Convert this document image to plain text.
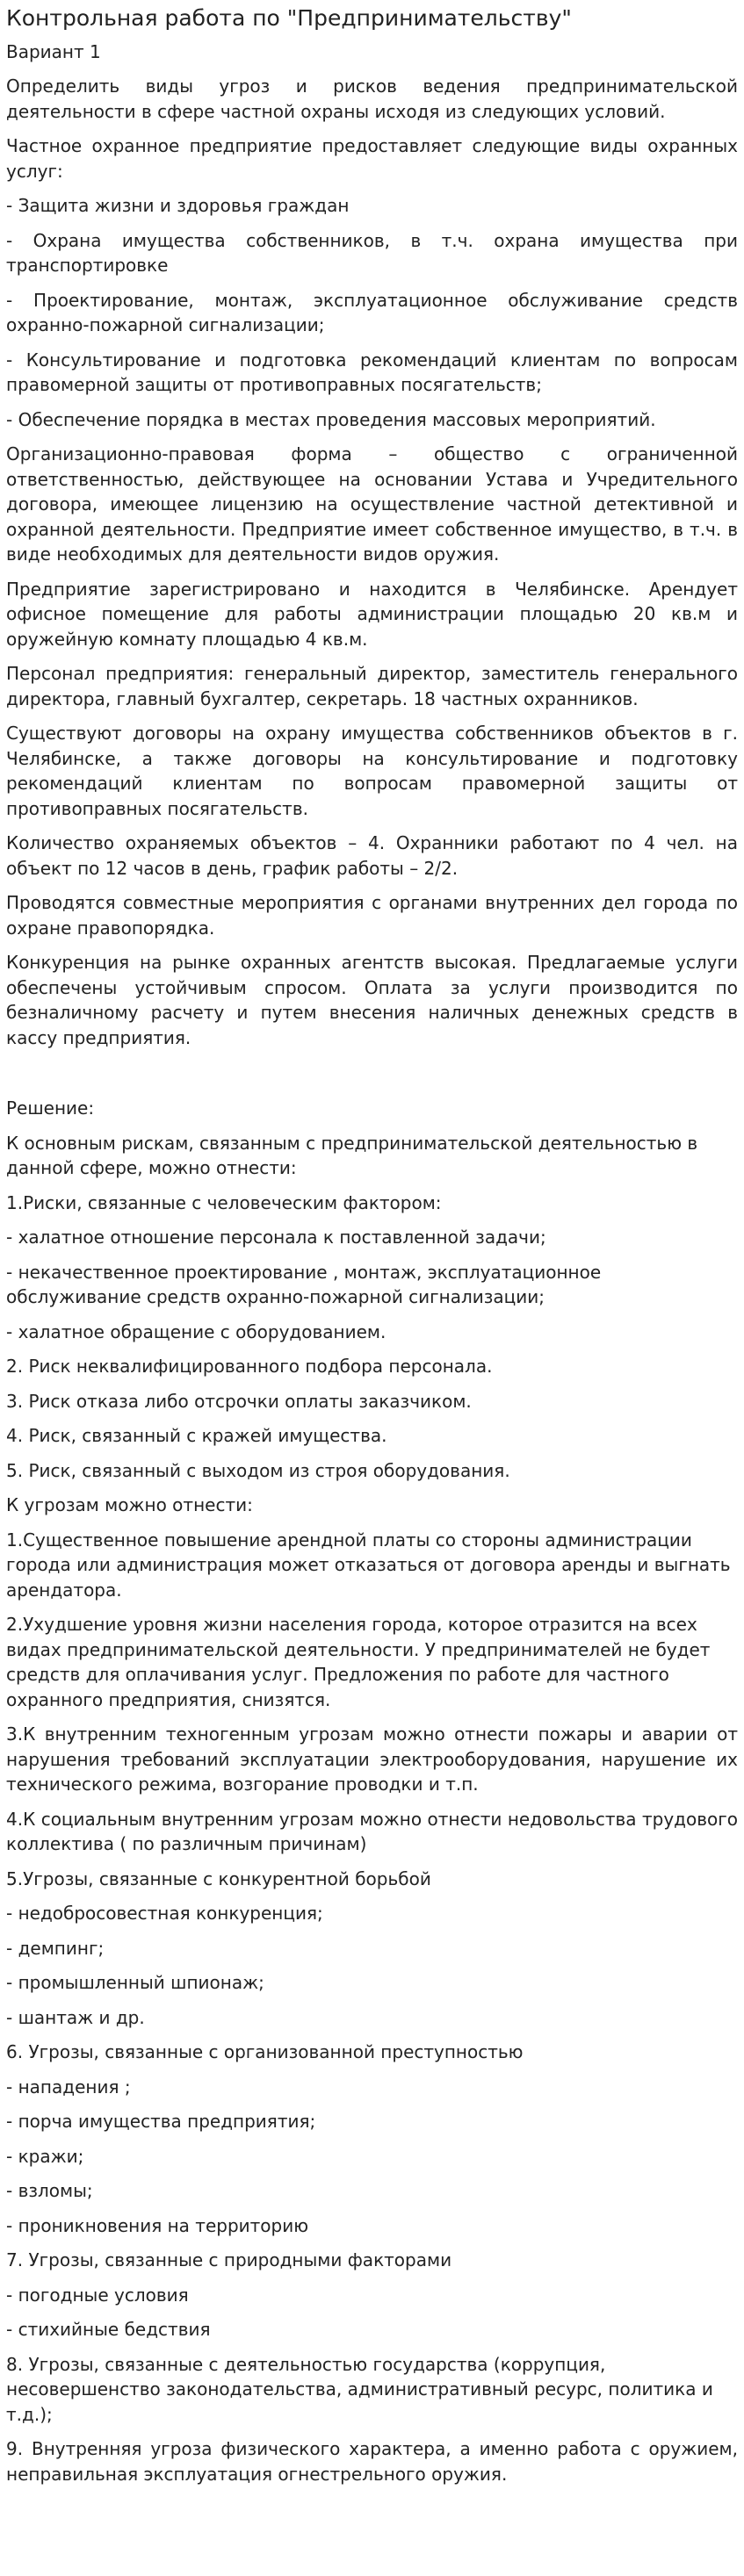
Контрольная работа по "Предпринимательству"
Вариант 1

Определить виды угроз и рисков ведения предпринимательской деятельности в сфере частной охраны исходя из следующих условий.

Частное охранное предприятие предоставляет следующие виды охранных услуг:

- Защита жизни и здоровья граждан

- Охрана имущества собственников, в т.ч. охрана имущества при транспортировке

- Проектирование, монтаж, эксплуатационное обслуживание средств охранно-пожарной сигнализации;

- Консультирование и подготовка рекомендаций клиентам по вопросам правомерной защиты от противоправных посягательств;

- Обеспечение порядка в местах проведения массовых мероприятий.

Организационно-правовая форма – общество с ограниченной ответственностью, действующее на основании Устава и Учредительного договора, имеющее лицензию на осуществление частной детективной и охранной деятельности. Предприятие имеет собственное имущество, в т.ч. в виде необходимых для деятельности видов оружия.

Предприятие зарегистрировано и находится в Челябинске. Арендует офисное помещение для работы администрации площадью 20 кв.м и оружейную комнату площадью 4 кв.м.

Персонал предприятия: генеральный директор, заместитель генерального директора, главный бухгалтер, секретарь. 18 частных охранников.

Существуют договоры на охрану имущества собственников объектов в г. Челябинске, а также договоры на консультирование и подготовку рекомендаций клиентам по вопросам правомерной защиты от противоправных посягательств.

Количество охраняемых объектов – 4. Охранники работают по 4 чел. на объект по 12 часов в день, график работы – 2/2.

Проводятся совместные мероприятия с органами внутренних дел города по охране правопорядка.

Конкуренция на рынке охранных агентств высокая. Предлагаемые услуги обеспечены устойчивым спросом. Оплата за услуги производится по безналичному расчету и путем внесения наличных денежных средств в кассу предприятия.

Решение:

К основным рискам, связанным с предпринимательской деятельностью в данной сфере, можно отнести:

1.Риски, связанные с человеческим фактором:

- халатное отношение персонала к поставленной задачи;

- некачественное проектирование , монтаж, эксплуатационное обслуживание средств охранно-пожарной сигнализации;

- халатное обращение с оборудованием.

2. Риск неквалифицированного подбора персонала.

3. Риск отказа либо отсрочки оплаты заказчиком.

4. Риск, связанный с кражей имущества.

5. Риск, связанный с выходом из строя оборудования.

К угрозам можно отнести:

1.Существенное повышение арендной платы со стороны администрации города или администрация может отказаться от договора аренды и выгнать арендатора.

2.Ухудшение уровня жизни населения города, которое отразится на всех видах предпринимательской деятельности. У предпринимателей не будет средств для оплачивания услуг. Предложения по работе для частного охранного предприятия, снизятся.

3.К внутренним техногенным угрозам можно отнести пожары и аварии от нарушения требований эксплуатации электрооборудования, нарушение их технического режима, возгорание проводки и т.п.

4.К социальным внутренним угрозам можно отнести недовольства трудового коллектива ( по различным причинам)

5.Угрозы, связанные с конкурентной борьбой

- недобросовестная конкуренция;

- демпинг;

- промышленный шпионаж;

- шантаж и др.

6. Угрозы, связанные с организованной преступностью

- нападения ;

- порча имущества предприятия;

- кражи;

- взломы;

- проникновения на территорию

7. Угрозы, связанные с природными факторами

- погодные условия

- стихийные бедствия

8. Угрозы, связанные с деятельностью государства (коррупция, несовершенство законодательства, административный ресурс, политика и т.д.);

9. Внутренняя угроза физического характера, а именно работа с оружием, неправильная эксплуатация огнестрельного оружия.
